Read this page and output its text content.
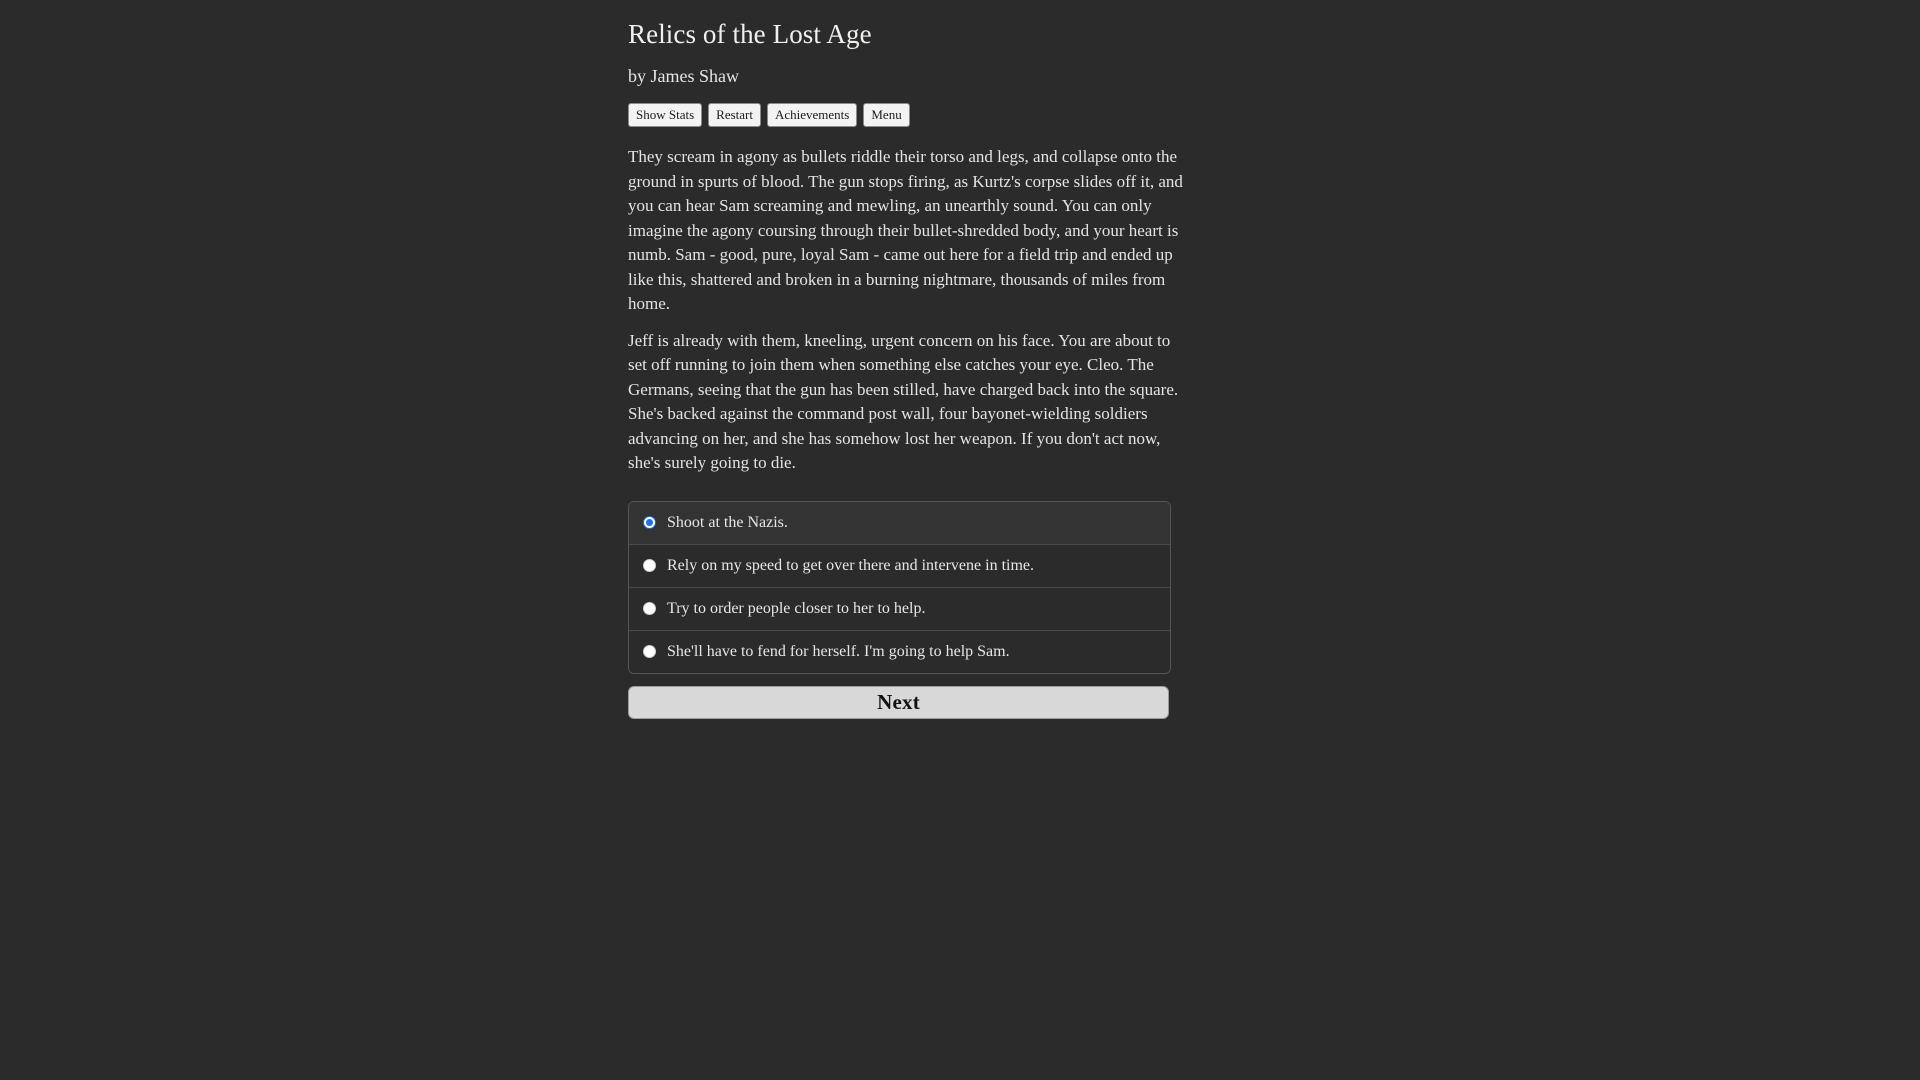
Relics of the Lost Age
by James Shaw
Show Stats	Restart	Achievements	Menu

They scream in agony as bullets riddle their torso and legs, and collapse onto the ground in spurts of blood. The gun stops firing, as Kurtz's corpse slides off it, and you can hear Sam screaming and mewling, an unearthly sound. You can only imagine the agony coursing through their bullet-shredded body, and your heart is numb. Sam - good, pure, loyal Sam - came out here for a field trip and ended up like this, shattered and broken in a burning nightmare, thousands of miles from home.

Jeff is already with them, kneeling, urgent concern on his face. You are about to set off running to join them when something else catches your eye. Cleo. The Germans, seeing that the gun has been stilled, have charged back into the square. She's backed against the command post wall, four bayonet-wielding soldiers advancing on her, and she has somehow lost her weapon. If you don't act now, she's surely going to die.

Shoot at the Nazis.
Rely on my speed to get over there and intervene in time.
Try to order people closer to her to help.
She'll have to fend for herself. I'm going to help Sam.
Next
